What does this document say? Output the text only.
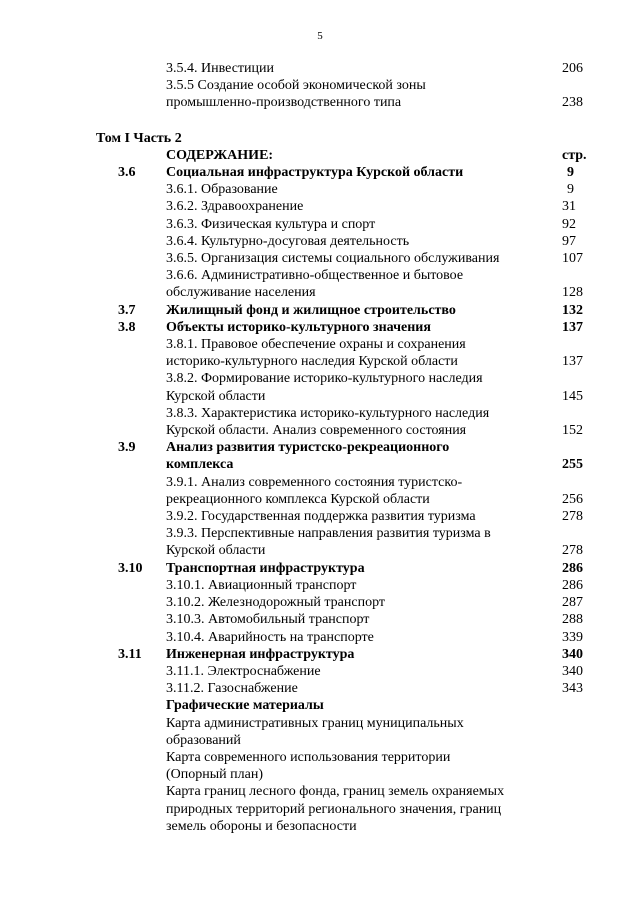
5
3.5.4. Инвестиции	206
3.5.5 Создание особой экономической зоны
промышленно-производственного типа	238
Том I Часть 2
СОДЕРЖАНИЕ:	стр.
3.6	Социальная инфраструктура Курской области	9
3.6.1. Образование	9
3.6.2. Здравоохранение	31
3.6.3. Физическая культура и спорт	92
3.6.4. Культурно-досуговая деятельность	97
3.6.5. Организация системы социального обслуживания	107
3.6.6. Административно-общественное и бытовое
обслуживание населения	128
3.7	Жилищный фонд и жилищное строительство	132
3.8	Объекты историко-культурного значения	137
3.8.1. Правовое обеспечение охраны и сохранения
историко-культурного наследия Курской области	137
3.8.2. Формирование историко-культурного наследия
Курской области	145
3.8.3. Характеристика историко-культурного наследия
Курской области. Анализ современного состояния	152
3.9	Анализ развития туристско-рекреационного
комплекса	255
3.9.1. Анализ современного состояния туристско-
рекреационного комплекса Курской области	256
3.9.2. Государственная поддержка развития туризма	278
3.9.3. Перспективные направления развития туризма в
Курской области	278
3.10	Транспортная инфраструктура	286
3.10.1. Авиационный транспорт	286
3.10.2. Железнодорожный транспорт	287
3.10.3. Автомобильный транспорт	288
3.10.4. Аварийность на транспорте	339
3.11	Инженерная инфраструктура	340
3.11.1. Электроснабжение	340
3.11.2. Газоснабжение	343
Графические материалы
Карта административных границ муниципальных
образований
Карта современного использования территории
(Опорный план)
Карта границ лесного фонда, границ земель охраняемых
природных территорий регионального значения, границ
земель обороны и безопасности
